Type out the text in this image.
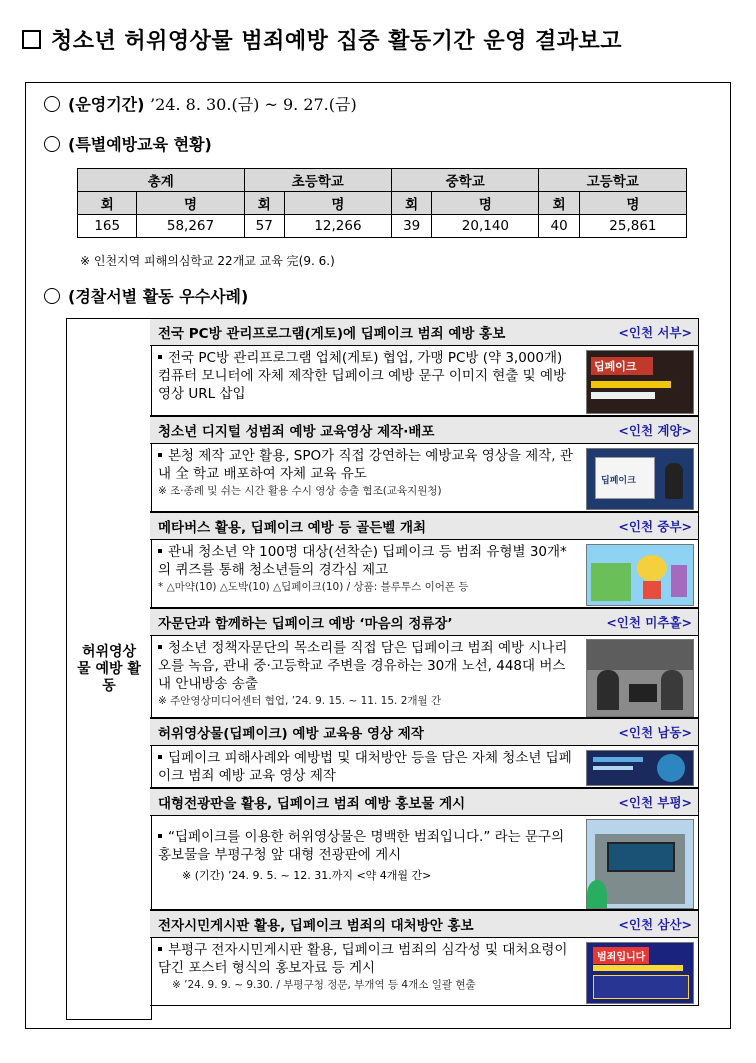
청소년 허위영상물 범죄예방 집중 활동기간 운영 결과보고
(운영기간) ’24. 8. 30.(금) ~ 9. 27.(금)
(특별예방교육 현황)
총계		초등학교		중학교		고등학교	
회	명	회	명	회	명	회	명
165	58,267	57	12,266	39	20,140	40	25,861
※ 인천지역 피해의심학교 22개교 교육 完(9. 6.)
(경찰서별 활동 우수사례)
허위영상물 예방 활동
전국 PC방 관리프로그램(게토)에 딥페이크 범죄 예방 홍보	<인천 서부>
전국 PC방 관리프로그램 업체(게토) 협업, 가맹 PC방 (약 3,000개) 컴퓨터 모니터에 자체 제작한 딥페이크 예방 문구 이미지 현출 및 예방영상 URL 삽입
딥페이크
청소년 디지털 성범죄 예방 교육영상 제작·배포	<인천 계양>
본청 제작 교안 활용, SPO가 직접 강연하는 예방교육 영상을 제작, 관내 全 학교 배포하여 자체 교육 유도
※ 조·종례 및 쉬는 시간 활용 수시 영상 송출 협조(교육지원청)
딥페이크
메타버스 활용, 딥페이크 예방 등 골든벨 개최	<인천 중부>
관내 청소년 약 100명 대상(선착순) 딥페이크 등 범죄 유형별 30개*의 퀴즈를 통해 청소년들의 경각심 제고
* △마약(10) △도박(10) △딥페이크(10) / 상품: 블루투스 이어폰 등
자문단과 함께하는 딥페이크 예방 ‘마음의 정류장’	<인천 미추홀>
청소년 정책자문단의 목소리를 직접 담은 딥페이크 범죄 예방 시나리오를 녹음, 관내 중·고등학교 주변을 경유하는 30개 노선, 448대 버스 내 안내방송 송출
※ 주안영상미디어센터 협업, ’24. 9. 15. ~ 11. 15. 2개월 간
허위영상물(딥페이크) 예방 교육용 영상 제작	<인천 남동>
딥페이크 피해사례와 예방법 및 대처방안 등을 담은 자체 청소년 딥페이크 범죄 예방 교육 영상 제작
대형전광판을 활용, 딥페이크 범죄 예방 홍보물 게시	<인천 부평>
“딥페이크를 이용한 허위영상물은 명백한 범죄입니다.” 라는 문구의 홍보물을 부평구청 앞 대형 전광판에 게시
※ (기간) ’24. 9. 5. ~ 12. 31.까지 <약 4개월 간>
전자시민게시판 활용, 딥페이크 범죄의 대처방안 홍보	<인천 삼산>
부평구 전자시민게시판 활용, 딥페이크 범죄의 심각성 및 대처요령이 담긴 포스터 형식의 홍보자료 등 게시
※ ’24. 9. 9. ~ 9.30. / 부평구청 정문, 부개역 등 4개소 일괄 현출
범죄입니다
